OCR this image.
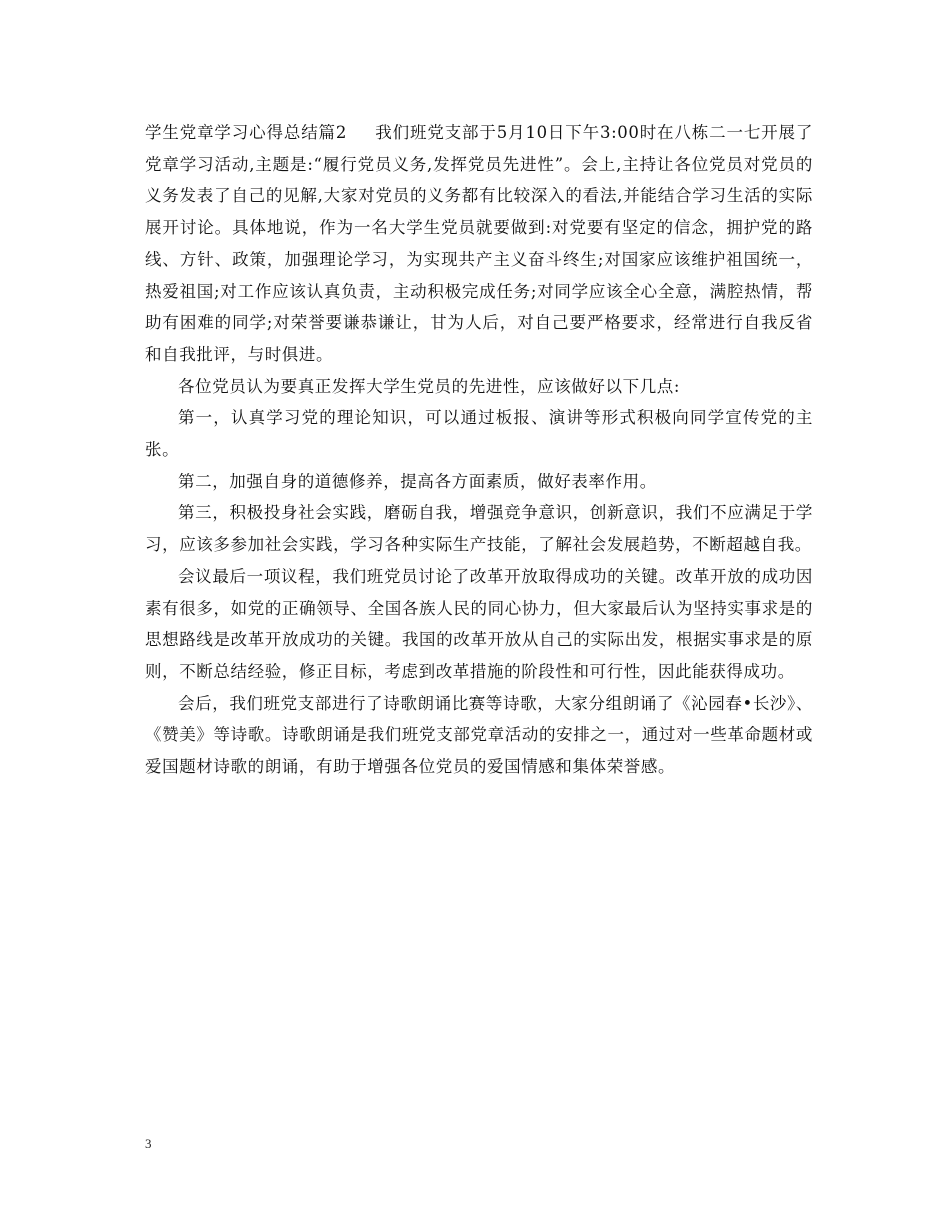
学生党章学习心得总结篇2 我们班党支部于5月10日下午3:00时在八栋二一七开展了党章学习活动,主题是:“履行党员义务,发挥党员先进性”。会上,主持让各位党员对党员的义务发表了自己的见解,大家对党员的义务都有比较深入的看法,并能结合学习生活的实际展开讨论。具体地说，作为一名大学生党员就要做到:对党要有坚定的信念，拥护党的路线、方针、政策，加强理论学习，为实现共产主义奋斗终生;对国家应该维护祖国统一，热爱祖国;对工作应该认真负责，主动积极完成任务;对同学应该全心全意，满腔热情，帮助有困难的同学;对荣誉要谦恭谦让，甘为人后，对自己要严格要求，经常进行自我反省和自我批评，与时俱进。

各位党员认为要真正发挥大学生党员的先进性，应该做好以下几点:

第一，认真学习党的理论知识，可以通过板报、演讲等形式积极向同学宣传党的主张。

第二，加强自身的道德修养，提高各方面素质，做好表率作用。

第三，积极投身社会实践，磨砺自我，增强竞争意识，创新意识，我们不应满足于学习，应该多参加社会实践，学习各种实际生产技能，了解社会发展趋势，不断超越自我。

会议最后一项议程，我们班党员讨论了改革开放取得成功的关键。改革开放的成功因素有很多，如党的正确领导、全国各族人民的同心协力，但大家最后认为坚持实事求是的思想路线是改革开放成功的关键。我国的改革开放从自己的实际出发，根据实事求是的原则，不断总结经验，修正目标，考虑到改革措施的阶段性和可行性，因此能获得成功。

会后，我们班党支部进行了诗歌朗诵比赛等诗歌，大家分组朗诵了《沁园春•长沙》、《赞美》等诗歌。诗歌朗诵是我们班党支部党章活动的安排之一，通过对一些革命题材或爱国题材诗歌的朗诵，有助于增强各位党员的爱国情感和集体荣誉感。

3
